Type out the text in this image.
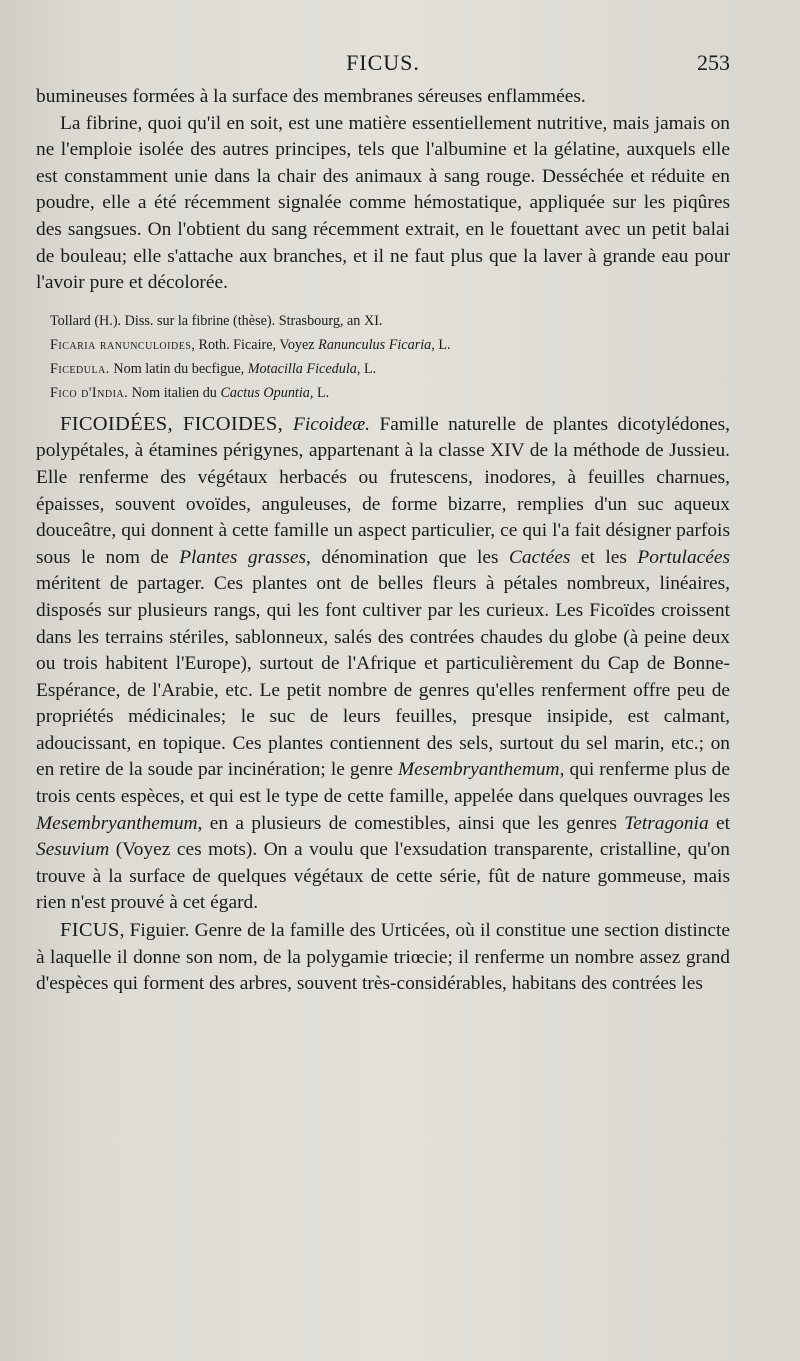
FICUS.	253

bumineuses formées à la surface des membranes séreuses enflammées.

La fibrine, quoi qu'il en soit, est une matière essentiellement nutritive, mais jamais on ne l'emploie isolée des autres principes, tels que l'albumine et la gélatine, auxquels elle est constamment unie dans la chair des animaux à sang rouge. Desséchée et réduite en poudre, elle a été récemment signalée comme hémostatique, appliquée sur les piqûres des sangsues. On l'obtient du sang récemment extrait, en le fouettant avec un petit balai de bouleau; elle s'attache aux branches, et il ne faut plus que la laver à grande eau pour l'avoir pure et décolorée.

Tollard (H.). Diss. sur la fibrine (thèse). Strasbourg, an XI.

Ficaria ranunculoides, Roth. Ficaire, Voyez Ranunculus Ficaria, L.

Ficedula. Nom latin du becfigue, Motacilla Ficedula, L.

Fico d'India. Nom italien du Cactus Opuntia, L.

FICOIDÉES, FICOIDES, Ficoideæ. Famille naturelle de plantes dicotylédones, polypétales, à étamines périgynes, appartenant à la classe XIV de la méthode de Jussieu. Elle renferme des végétaux herbacés ou frutescens, inodores, à feuilles charnues, épaisses, souvent ovoïdes, anguleuses, de forme bizarre, remplies d'un suc aqueux douceâtre, qui donnent à cette famille un aspect particulier, ce qui l'a fait désigner parfois sous le nom de Plantes grasses, dénomination que les Cactées et les Portulacées méritent de partager. Ces plantes ont de belles fleurs à pétales nombreux, linéaires, disposés sur plusieurs rangs, qui les font cultiver par les curieux. Les Ficoïdes croissent dans les terrains stériles, sablonneux, salés des contrées chaudes du globe (à peine deux ou trois habitent l'Europe), surtout de l'Afrique et particulièrement du Cap de Bonne-Espérance, de l'Arabie, etc. Le petit nombre de genres qu'elles renferment offre peu de propriétés médicinales; le suc de leurs feuilles, presque insipide, est calmant, adoucissant, en topique. Ces plantes contiennent des sels, surtout du sel marin, etc.; on en retire de la soude par incinération; le genre Mesembryanthemum, qui renferme plus de trois cents espèces, et qui est le type de cette famille, appelée dans quelques ouvrages les Mesembryanthemum, en a plusieurs de comestibles, ainsi que les genres Tetragonia et Sesuvium (Voyez ces mots). On a voulu que l'exsudation transparente, cristalline, qu'on trouve à la surface de quelques végétaux de cette série, fût de nature gommeuse, mais rien n'est prouvé à cet égard.

FICUS, Figuier. Genre de la famille des Urticées, où il constitue une section distincte à laquelle il donne son nom, de la polygamie triœcie; il renferme un nombre assez grand d'espèces qui forment des arbres, souvent très-considérables, habitans des contrées les
